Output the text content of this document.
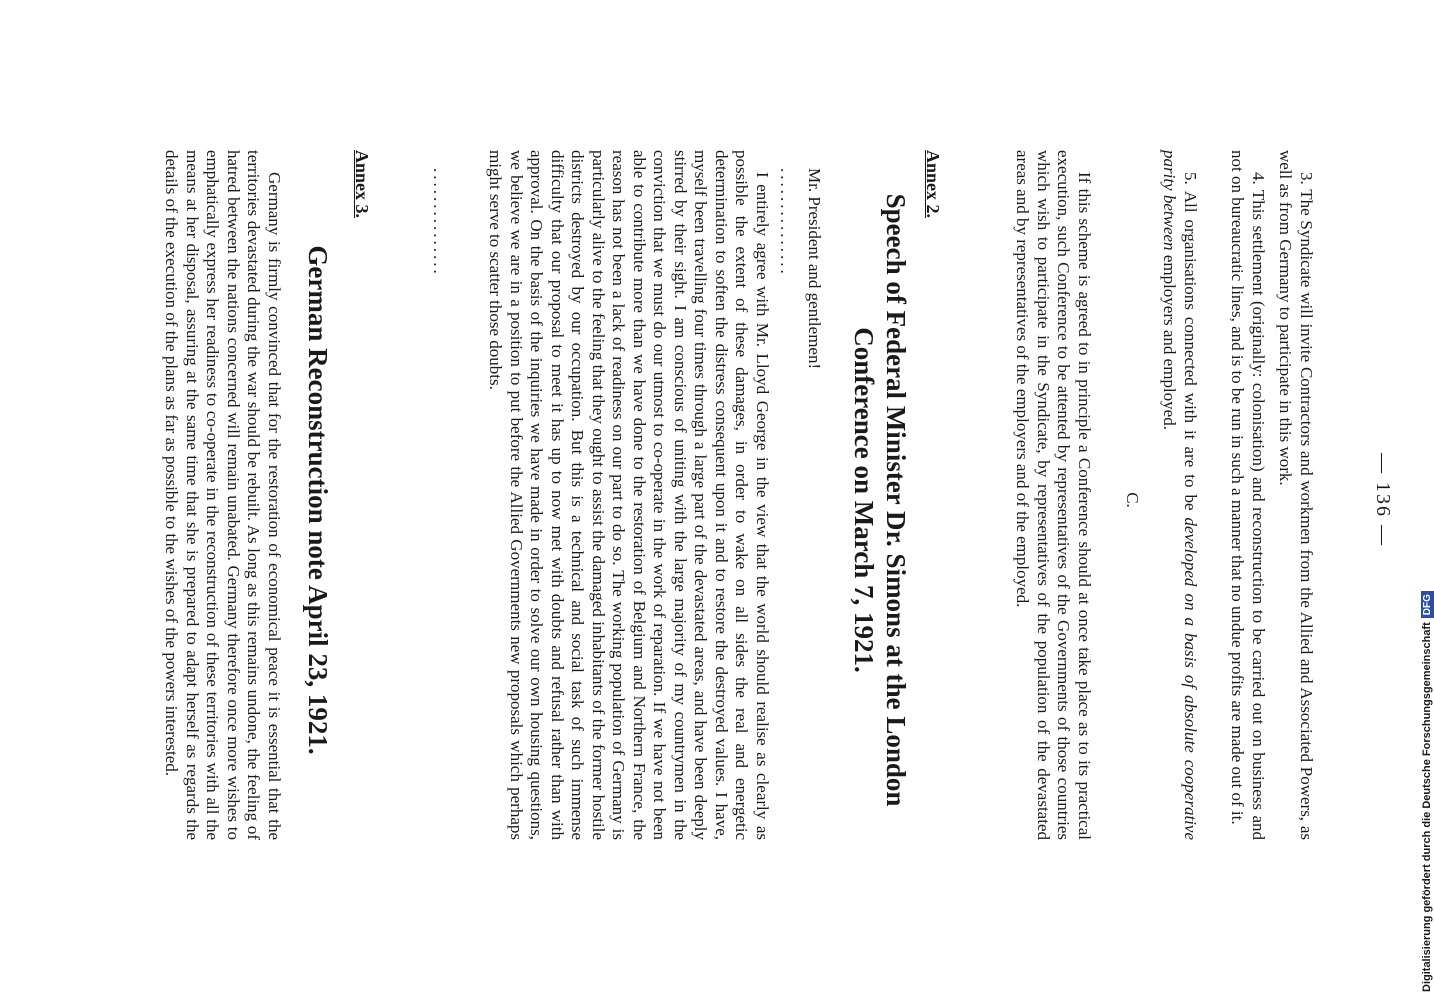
— 136 —

3. The Syndicate will invite Contractors and workmen from the Allied and Associated Powers, as well as from Germany to participate in this work.

4. This settlement (originally: colonisation) and reconstruction to be carried out on business and not on bureaucratic lines, and is to be run in such a manner that no undue profits are made out of it.

5. All organisations connected with it are to be developed on a basis of absolute cooperative parity between employers and employed.

C.

If this scheme is agreed to in principle a Conference should at once take place as to its practical execution, such Conference to be attented by representatives of the Governments of those countries which wish to participate in the Syndicate, by representatives of the population of the devastated areas and by representatives of the employers and of the employed.

Annex 2.
Speech of Federal Minister Dr. Simons at the London Conference on March 7, 1921.

Mr. President and gentlemen!

...............

I entirely agree with Mr. Lloyd George in the view that the world should realise as clearly as possible the extent of these damages, in order to wake on all sides the real and energetic determination to soften the distress consequent upon it and to restore the destroyed values. I have, myself been travelling four times through a large part of the devastated areas, and have been deeply stirred by their sight. I am conscious of uniting with the large majority of my countrymen in the conviction that we must do our utmost to co-operate in the work of reparation. If we have not been able to contribute more than we have done to the restoration of Belgium and Northern France, the reason has not been a lack of readiness on our part to do so. The working population of Germany is particularly alive to the feeling that they ought to assist the damaged inhabitants of the former hostile districts destroyed by our occupation. But this is a technical and social task of such immense difficulty that our proposal to meet it has up to now met with doubts and refusal rather than with approval. On the basis of the inquiries we have made in order to solve our own housing questions, we believe we are in a position to put before the Allied Governments new proposals which perhaps might serve to scatter those doubts.

...............
Annex 3.
German Reconstruction note April 23, 1921.

Germany is firmly convinced that for the restoration of economical peace it is essential that the territories devastated during the war should be rebuilt. As long as this remains undone, the feeling of hatred between the nations concerned will remain unabated. Germany therefore once more wishes to emphatically express her readiness to co-operate in the reconstruction of these territories with all the means at her disposal, assuring at the same time that she is prepared to adapt herself as regards the details of the execution of the plans as far as possible to the wishes of the powers interested.

Digitalisierung gefördert durch die Deutsche ForschungsgemeinschaftDFG
